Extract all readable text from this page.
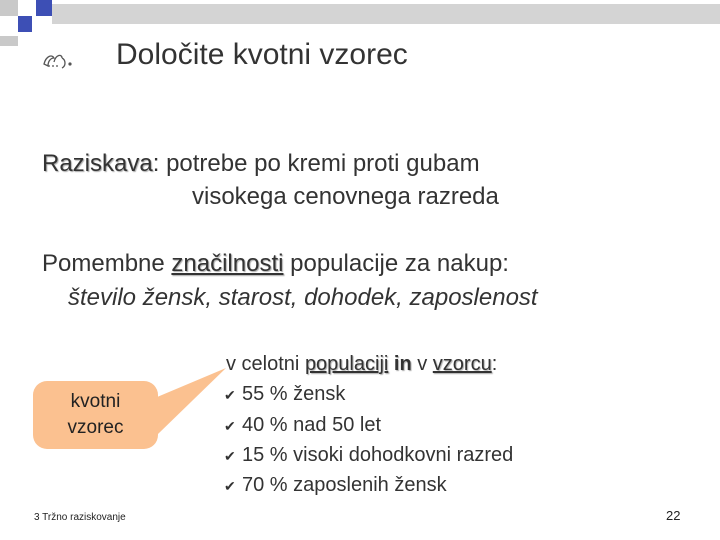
Določite kvotni vzorec
Raziskava: potrebe po kremi proti gubam
visokega cenovnega razreda
Pomembne značilnosti populacije za nakup:
število žensk, starost, dohodek, zaposlenost
kvotni
vzorec
v celotni populaciji in v vzorcu:
✔ 55 % žensk
✔ 40 % nad 50 let
✔ 15 % visoki dohodkovni razred
✔ 70 % zaposlenih žensk
3 Tržno raziskovanje	22
